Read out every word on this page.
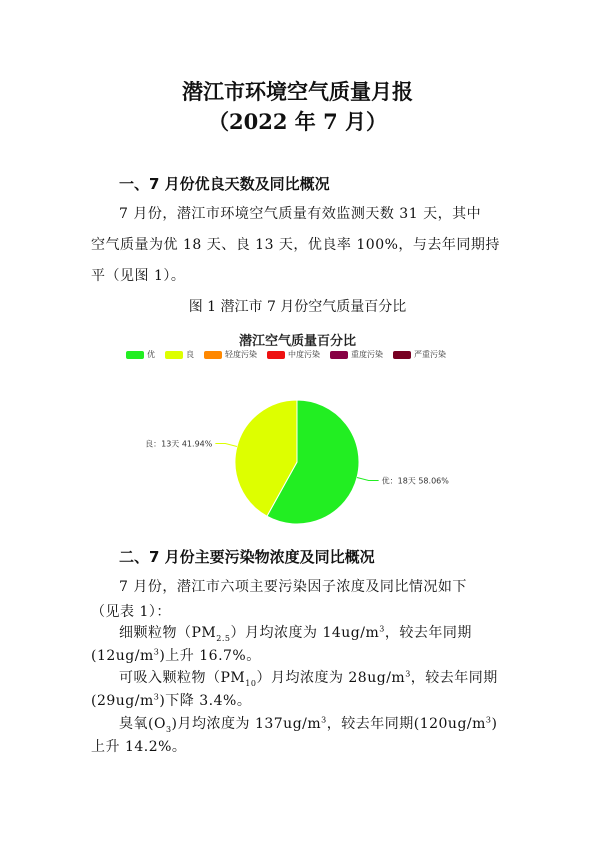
潜江市环境空气质量月报
（2022 年 7 月）
一、7 月份优良天数及同比概况
7 月份，潜江市环境空气质量有效监测天数 31 天，其中
空气质量为优 18 天、良 13 天，优良率 100%，与去年同期持
平（见图 1）。
图 1 潜江市 7 月份空气质量百分比
潜江空气质量百分比
优	良	轻度污染	中度污染	重度污染	严重污染
优：18天 58.06%
良：13天 41.94%
二、7 月份主要污染物浓度及同比概况
7 月份，潜江市六项主要污染因子浓度及同比情况如下
（见表 1）：
细颗粒物$(PM_{2.5})$月均浓度为 $14ug/m^3$，较去年同期
$(12ug/m^3)$上升 16.7%。
可吸入颗粒物$(PM_{10})$月均浓度为 $28ug/m^3$，较去年同期
$(29ug/m^3)$下降 3.4%。
臭氧$(O_3)$月均浓度为 $137ug/m^3$，较去年同期$(120ug/m^3)$
上升 14.2%。
